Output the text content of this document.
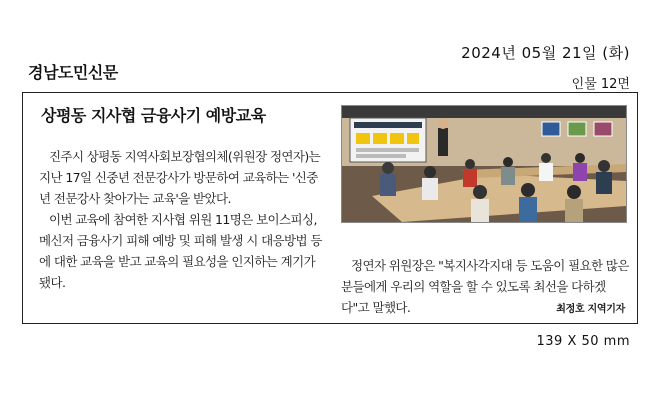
2024년 05월 21일 (화)
경남도민신문
인물 12면
상평동 지사협 금융사기 예방교육

진주시 상평동 지역사회보장협의체(위원장 정연자)는 지난 17일 신중년 전문강사가 방문하여 교육하는 '신중년 전문강사 찾아가는 교육'을 받았다.

이번 교육에 참여한 지사협 위원 11명은 보이스피싱, 메신저 금융사기 피해 예방 및 피해 발생 시 대응방법 등에 대한 교육을 받고 교육의 필요성을 인지하는 계기가 됐다.

정연자 위원장은 "복지사각지대 등 도움이 필요한 많은 분들에게 우리의 역할을 할 수 있도록 최선을 다하겠다"고 말했다.	최정호 지역기자
139 X 50 mm
